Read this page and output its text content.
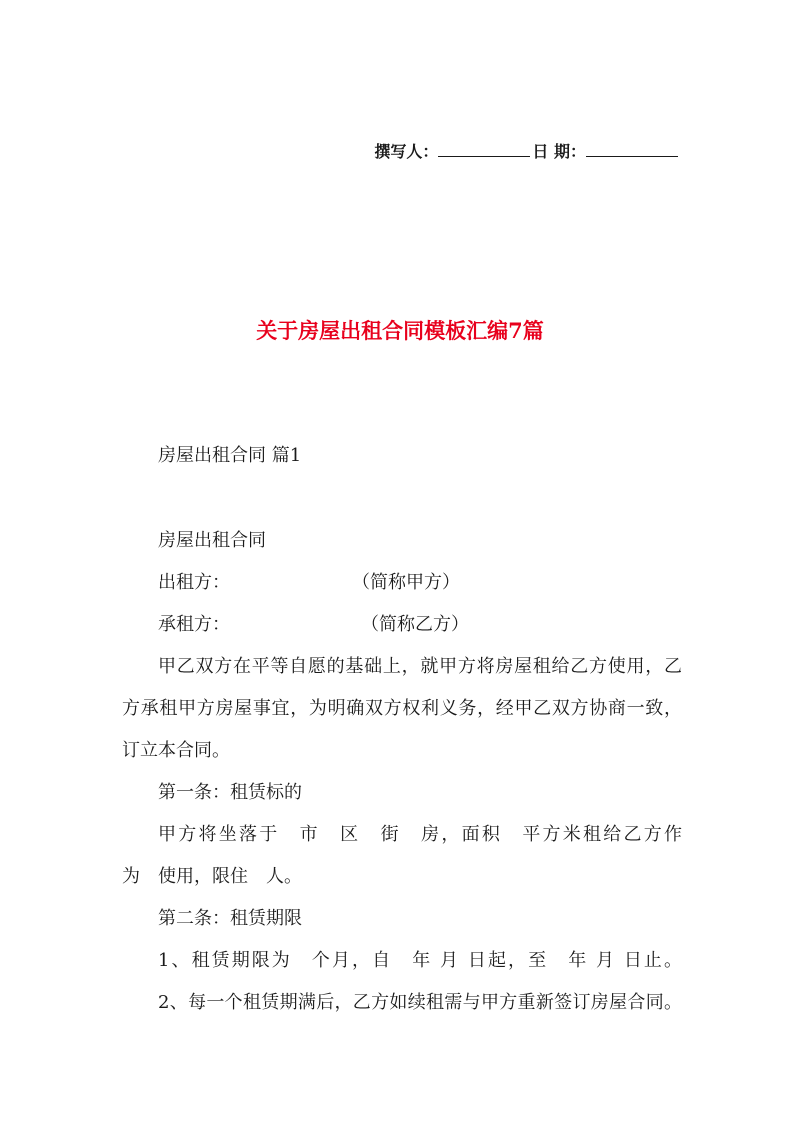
撰写人：	日 期：
关于房屋出租合同模板汇编7篇
房屋出租合同 篇1
房屋出租合同
出租方：	（简称甲方）
承租方：	（简称乙方）
甲乙双方在平等自愿的基础上，就甲方将房屋租给乙方使用，乙
方承租甲方房屋事宜，为明确双方权利义务，经甲乙双方协商一致，
订立本合同。
第一条：租赁标的
甲方将坐落于　市　区　街　房，面积　平方米租给乙方作
为　使用，限住　人。
第二条：租赁期限
1、租赁期限为　个月，自　年 月 日起，至　年 月 日止。
2、每一个租赁期满后，乙方如续租需与甲方重新签订房屋合同。
